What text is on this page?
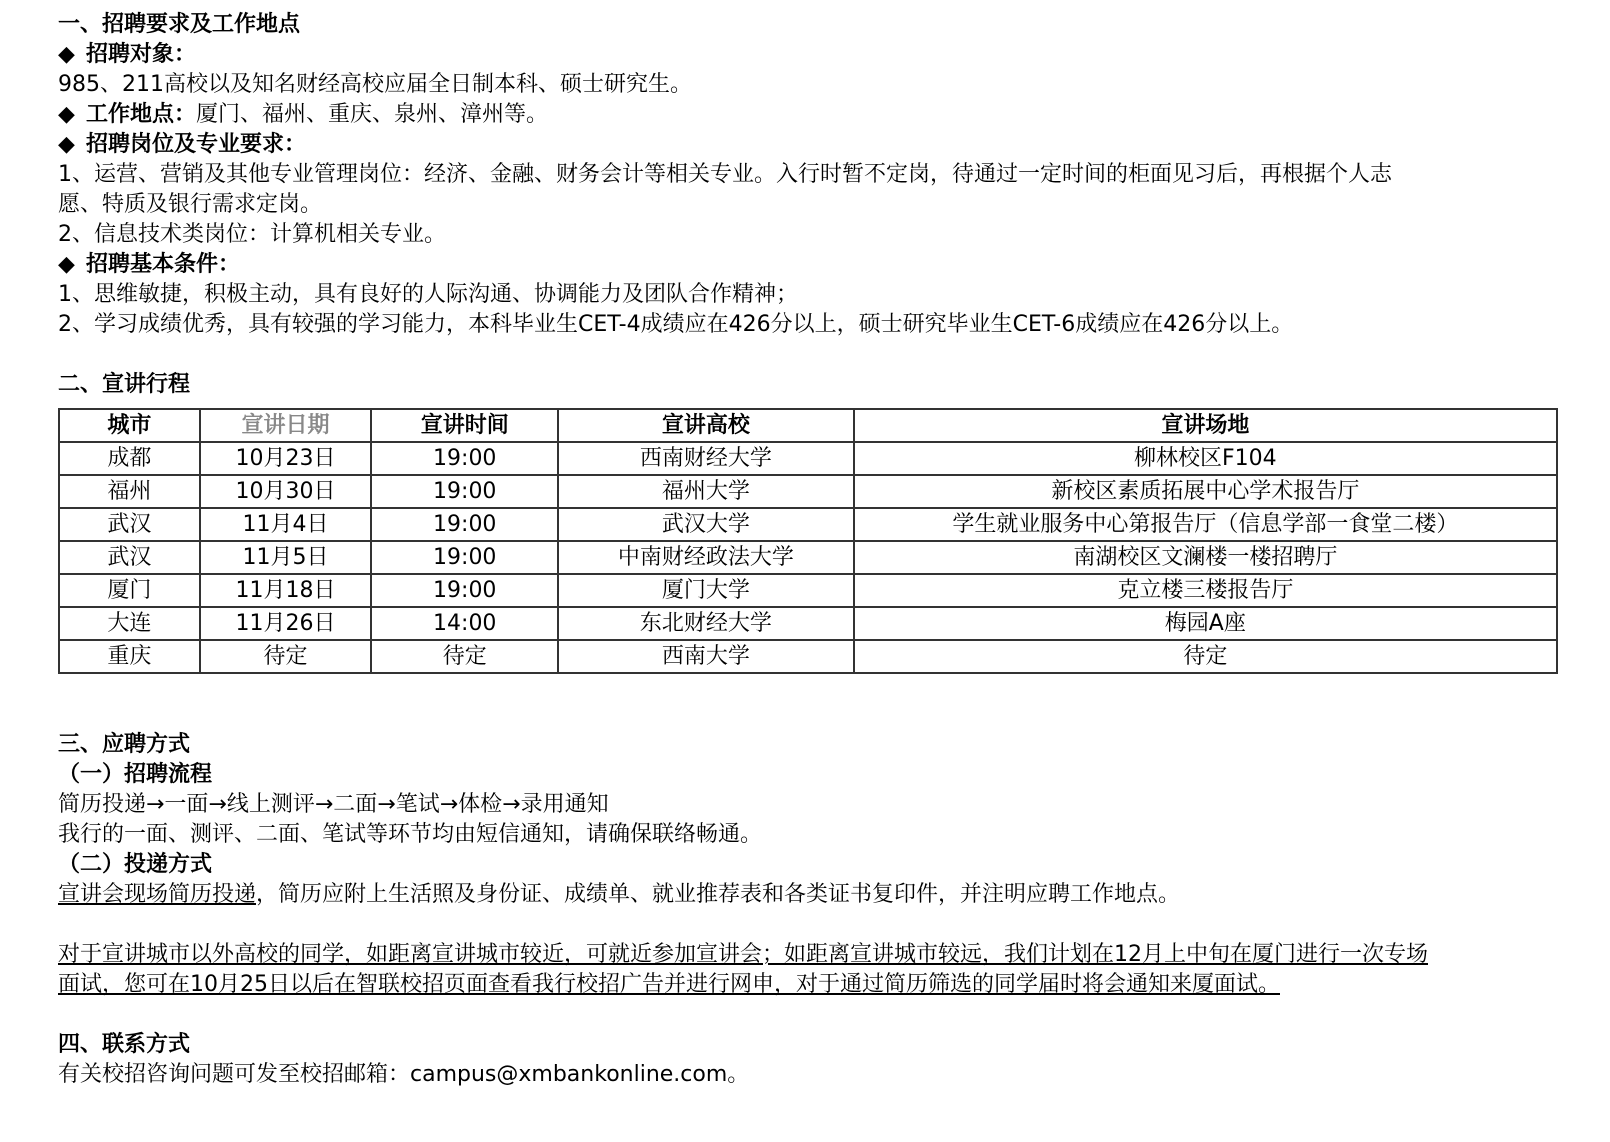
一、招聘要求及工作地点
◆ 招聘对象：
985、211高校以及知名财经高校应届全日制本科、硕士研究生。
◆ 工作地点：厦门、福州、重庆、泉州、漳州等。
◆ 招聘岗位及专业要求：
1、运营、营销及其他专业管理岗位：经济、金融、财务会计等相关专业。入行时暂不定岗，待通过一定时间的柜面见习后，再根据个人志
愿、特质及银行需求定岗。
2、信息技术类岗位：计算机相关专业。
◆ 招聘基本条件：
1、思维敏捷，积极主动，具有良好的人际沟通、协调能力及团队合作精神；
2、学习成绩优秀，具有较强的学习能力，本科毕业生CET-4成绩应在426分以上，硕士研究毕业生CET-6成绩应在426分以上。
二、宣讲行程
城市	宣讲日期	宣讲时间	宣讲高校	宣讲场地
成都	10月23日	19:00	西南财经大学	柳林校区F104
福州	10月30日	19:00	福州大学	新校区素质拓展中心学术报告厅
武汉	11月4日	19:00	武汉大学	学生就业服务中心第报告厅（信息学部一食堂二楼）
武汉	11月5日	19:00	中南财经政法大学	南湖校区文澜楼一楼招聘厅
厦门	11月18日	19:00	厦门大学	克立楼三楼报告厅
大连	11月26日	14:00	东北财经大学	梅园A座
重庆	待定	待定	西南大学	待定
三、应聘方式
（一）招聘流程
简历投递→一面→线上测评→二面→笔试→体检→录用通知
我行的一面、测评、二面、笔试等环节均由短信通知，请确保联络畅通。
（二）投递方式
宣讲会现场简历投递，简历应附上生活照及身份证、成绩单、就业推荐表和各类证书复印件，并注明应聘工作地点。
对于宣讲城市以外高校的同学，如距离宣讲城市较近，可就近参加宣讲会；如距离宣讲城市较远，我们计划在12月上中旬在厦门进行一次专场
面试，您可在10月25日以后在智联校招页面查看我行校招广告并进行网申，对于通过简历筛选的同学届时将会通知来厦面试。
四、联系方式
有关校招咨询问题可发至校招邮箱：campus@xmbankonline.com。
